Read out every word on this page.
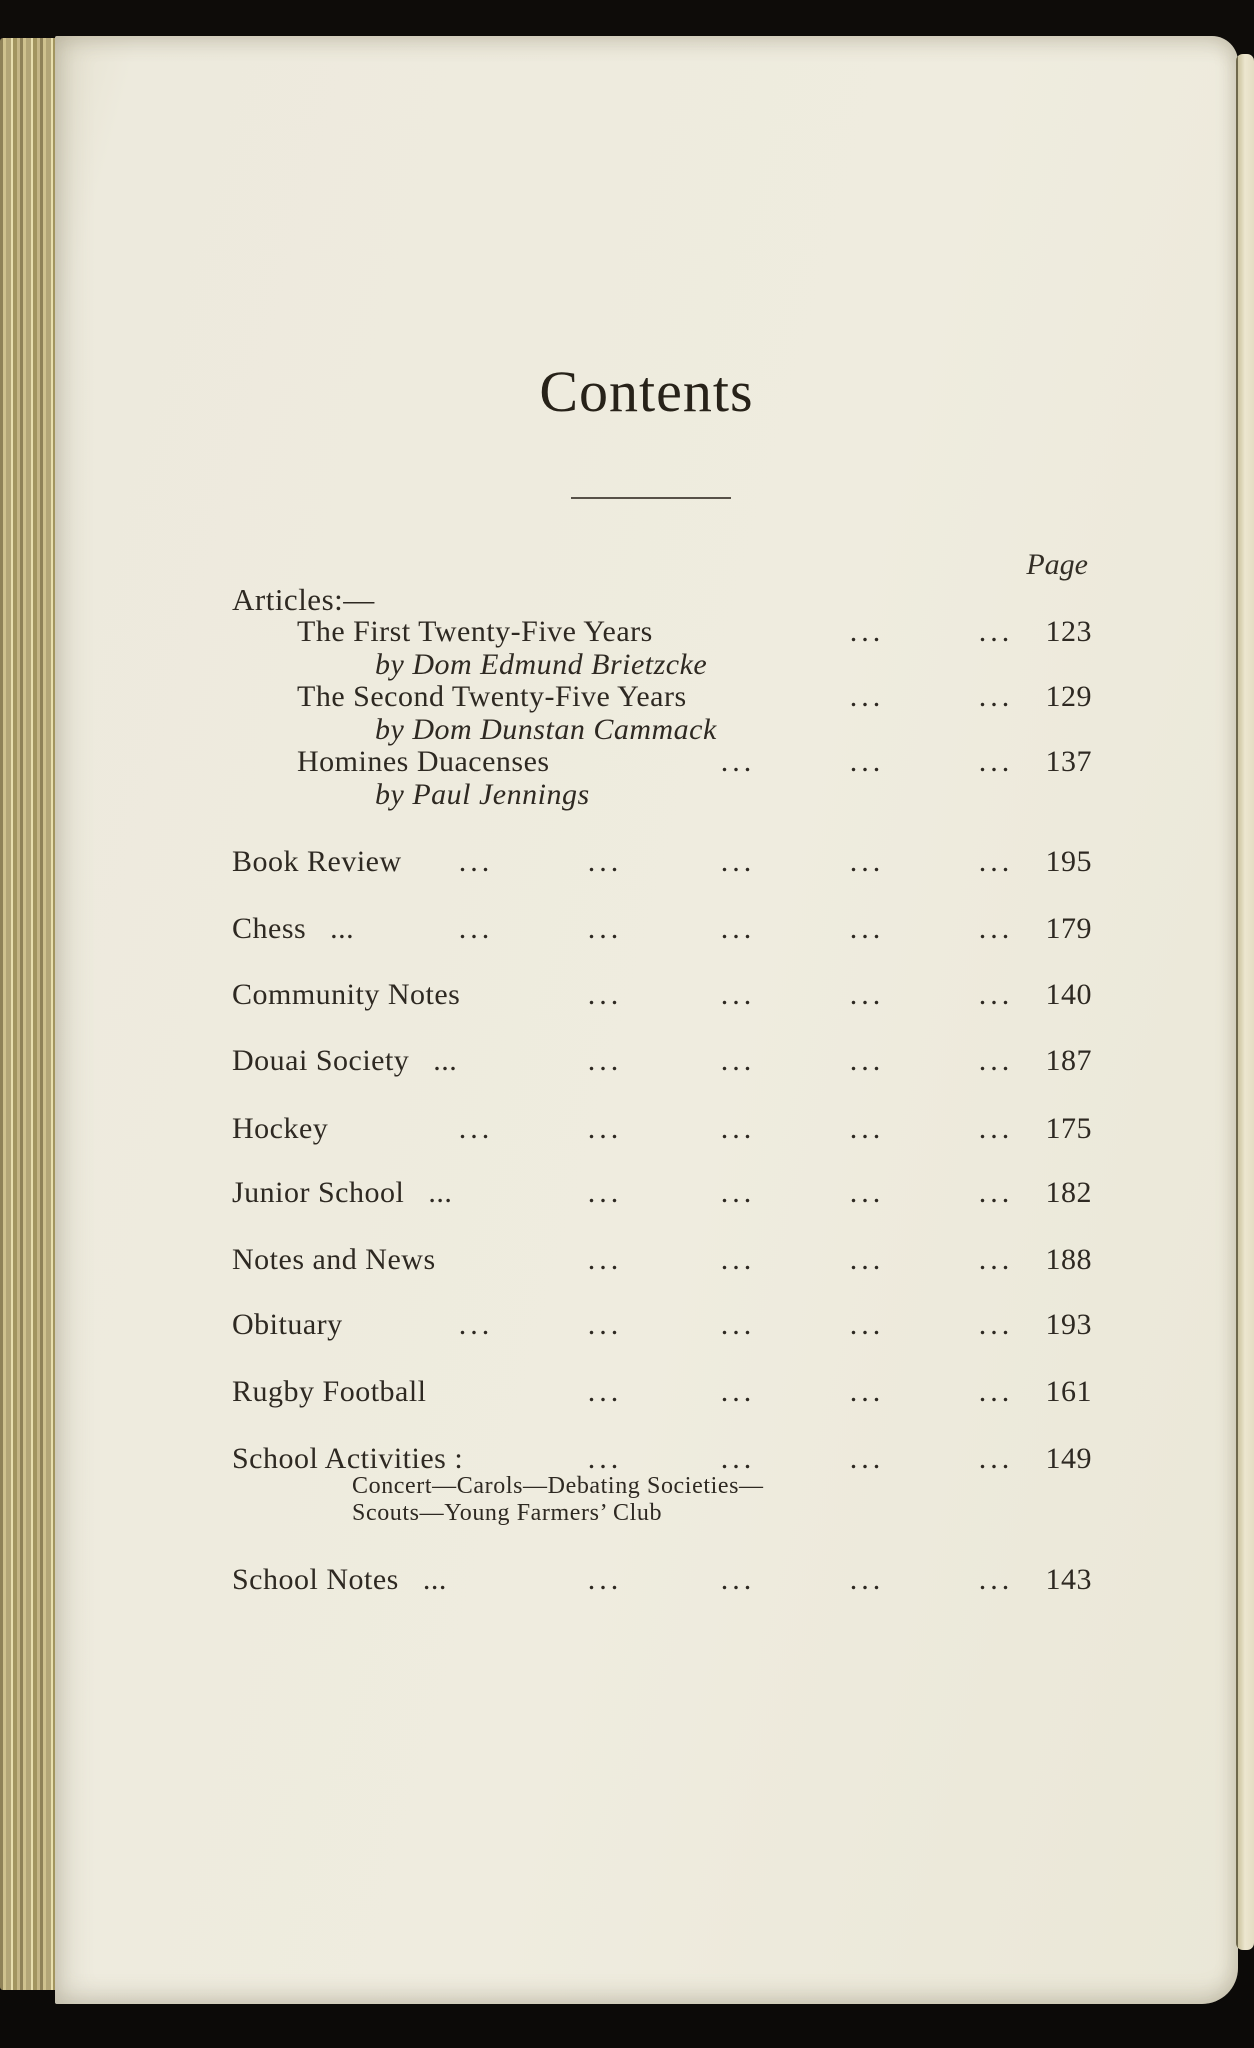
Contents
Page
Articles:—
The First Twenty-Five Years	...	... 123
by Dom Edmund Brietzcke
The Second Twenty-Five Years	...	... 129
by Dom Dunstan Cammack
Homines Duacenses	...	...	... 137
by Paul Jennings
Book Review ...	...	...	...	... 195
Chess   ...	...	...	...	...	... 179
Community Notes	...	...	...	... 140
Douai Society   ...	...	...	...	... 187
Hockey	...	...	...	...	... 175
Junior School   ...	...	...	...	... 182
Notes and News	...	...	...	... 188
Obituary	...	...	...	...	... 193
Rugby Football	...	...	...	... 161
School Activities :	...	...	...	... 149
Concert—Carols—Debating Societies—
Scouts—Young Farmers’ Club
School Notes   ...	...	...	...	... 143
